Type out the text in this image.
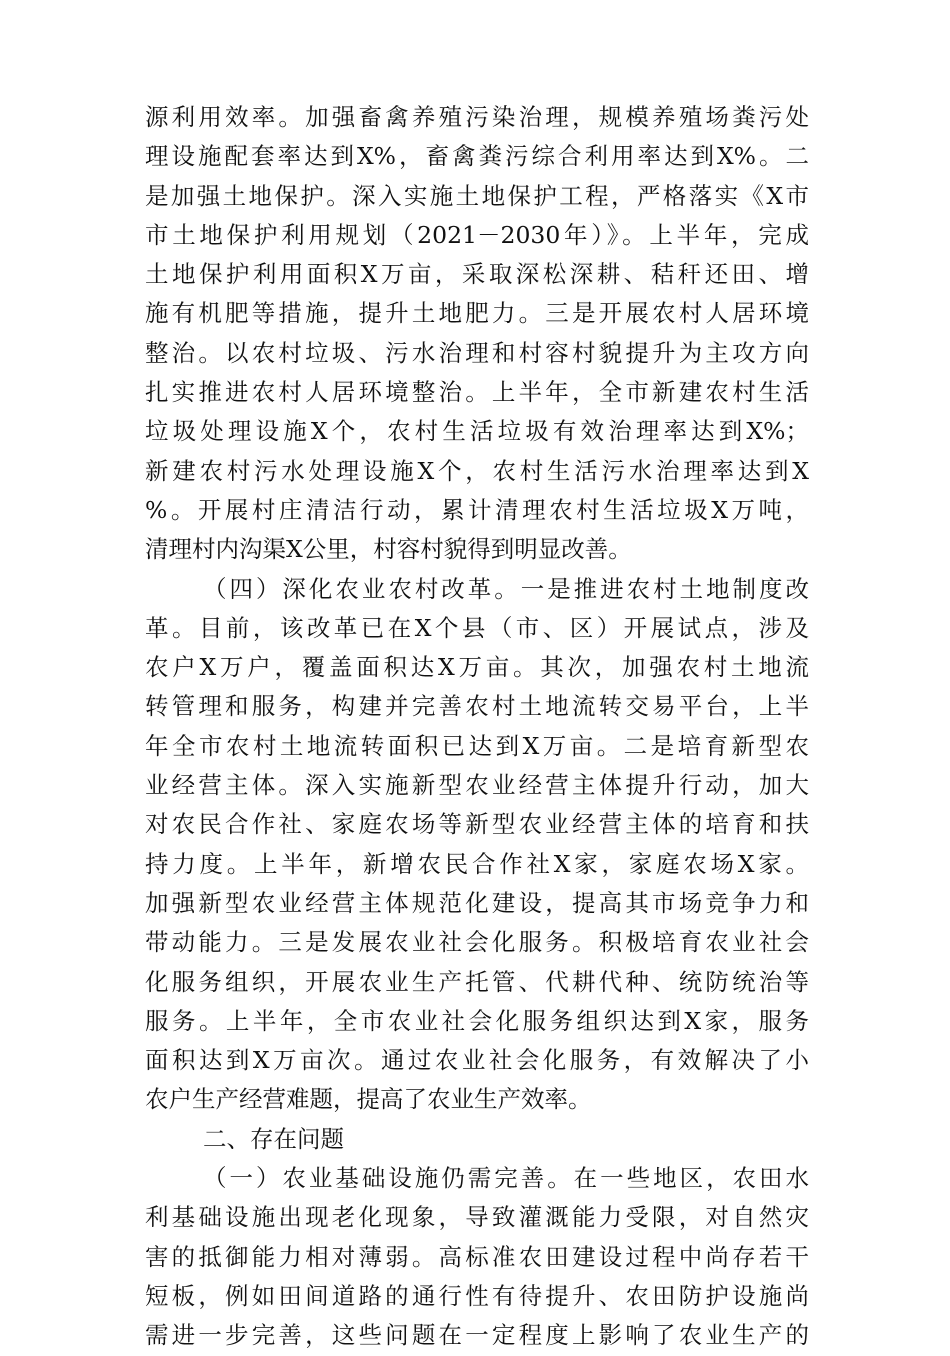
源利用效率。加强畜禽养殖污染治理，规模养殖场粪污处
理设施配套率达到X%，畜禽粪污综合利用率达到X%。二
是加强土地保护。深入实施土地保护工程，严格落实《X市
市土地保护利用规划（2021－2030年）》。上半年，完成
土地保护利用面积X万亩，采取深松深耕、秸秆还田、增
施有机肥等措施，提升土地肥力。三是开展农村人居环境
整治。以农村垃圾、污水治理和村容村貌提升为主攻方向
扎实推进农村人居环境整治。上半年，全市新建农村生活
垃圾处理设施X个，农村生活垃圾有效治理率达到X%；
新建农村污水处理设施X个，农村生活污水治理率达到X
%。开展村庄清洁行动，累计清理农村生活垃圾X万吨，
清理村内沟渠X公里，村容村貌得到明显改善。
（四）深化农业农村改革。一是推进农村土地制度改
革。目前，该改革已在X个县（市、区）开展试点，涉及
农户X万户，覆盖面积达X万亩。其次，加强农村土地流
转管理和服务，构建并完善农村土地流转交易平台，上半
年全市农村土地流转面积已达到X万亩。二是培育新型农
业经营主体。深入实施新型农业经营主体提升行动，加大
对农民合作社、家庭农场等新型农业经营主体的培育和扶
持力度。上半年，新增农民合作社X家，家庭农场X家。
加强新型农业经营主体规范化建设，提高其市场竞争力和
带动能力。三是发展农业社会化服务。积极培育农业社会
化服务组织，开展农业生产托管、代耕代种、统防统治等
服务。上半年，全市农业社会化服务组织达到X家，服务
面积达到X万亩次。通过农业社会化服务，有效解决了小
农户生产经营难题，提高了农业生产效率。
二、存在问题
（一）农业基础设施仍需完善。在一些地区，农田水
利基础设施出现老化现象，导致灌溉能力受限，对自然灾
害的抵御能力相对薄弱。高标准农田建设过程中尚存若干
短板，例如田间道路的通行性有待提升、农田防护设施尚
需进一步完善，这些问题在一定程度上影响了农业生产的
